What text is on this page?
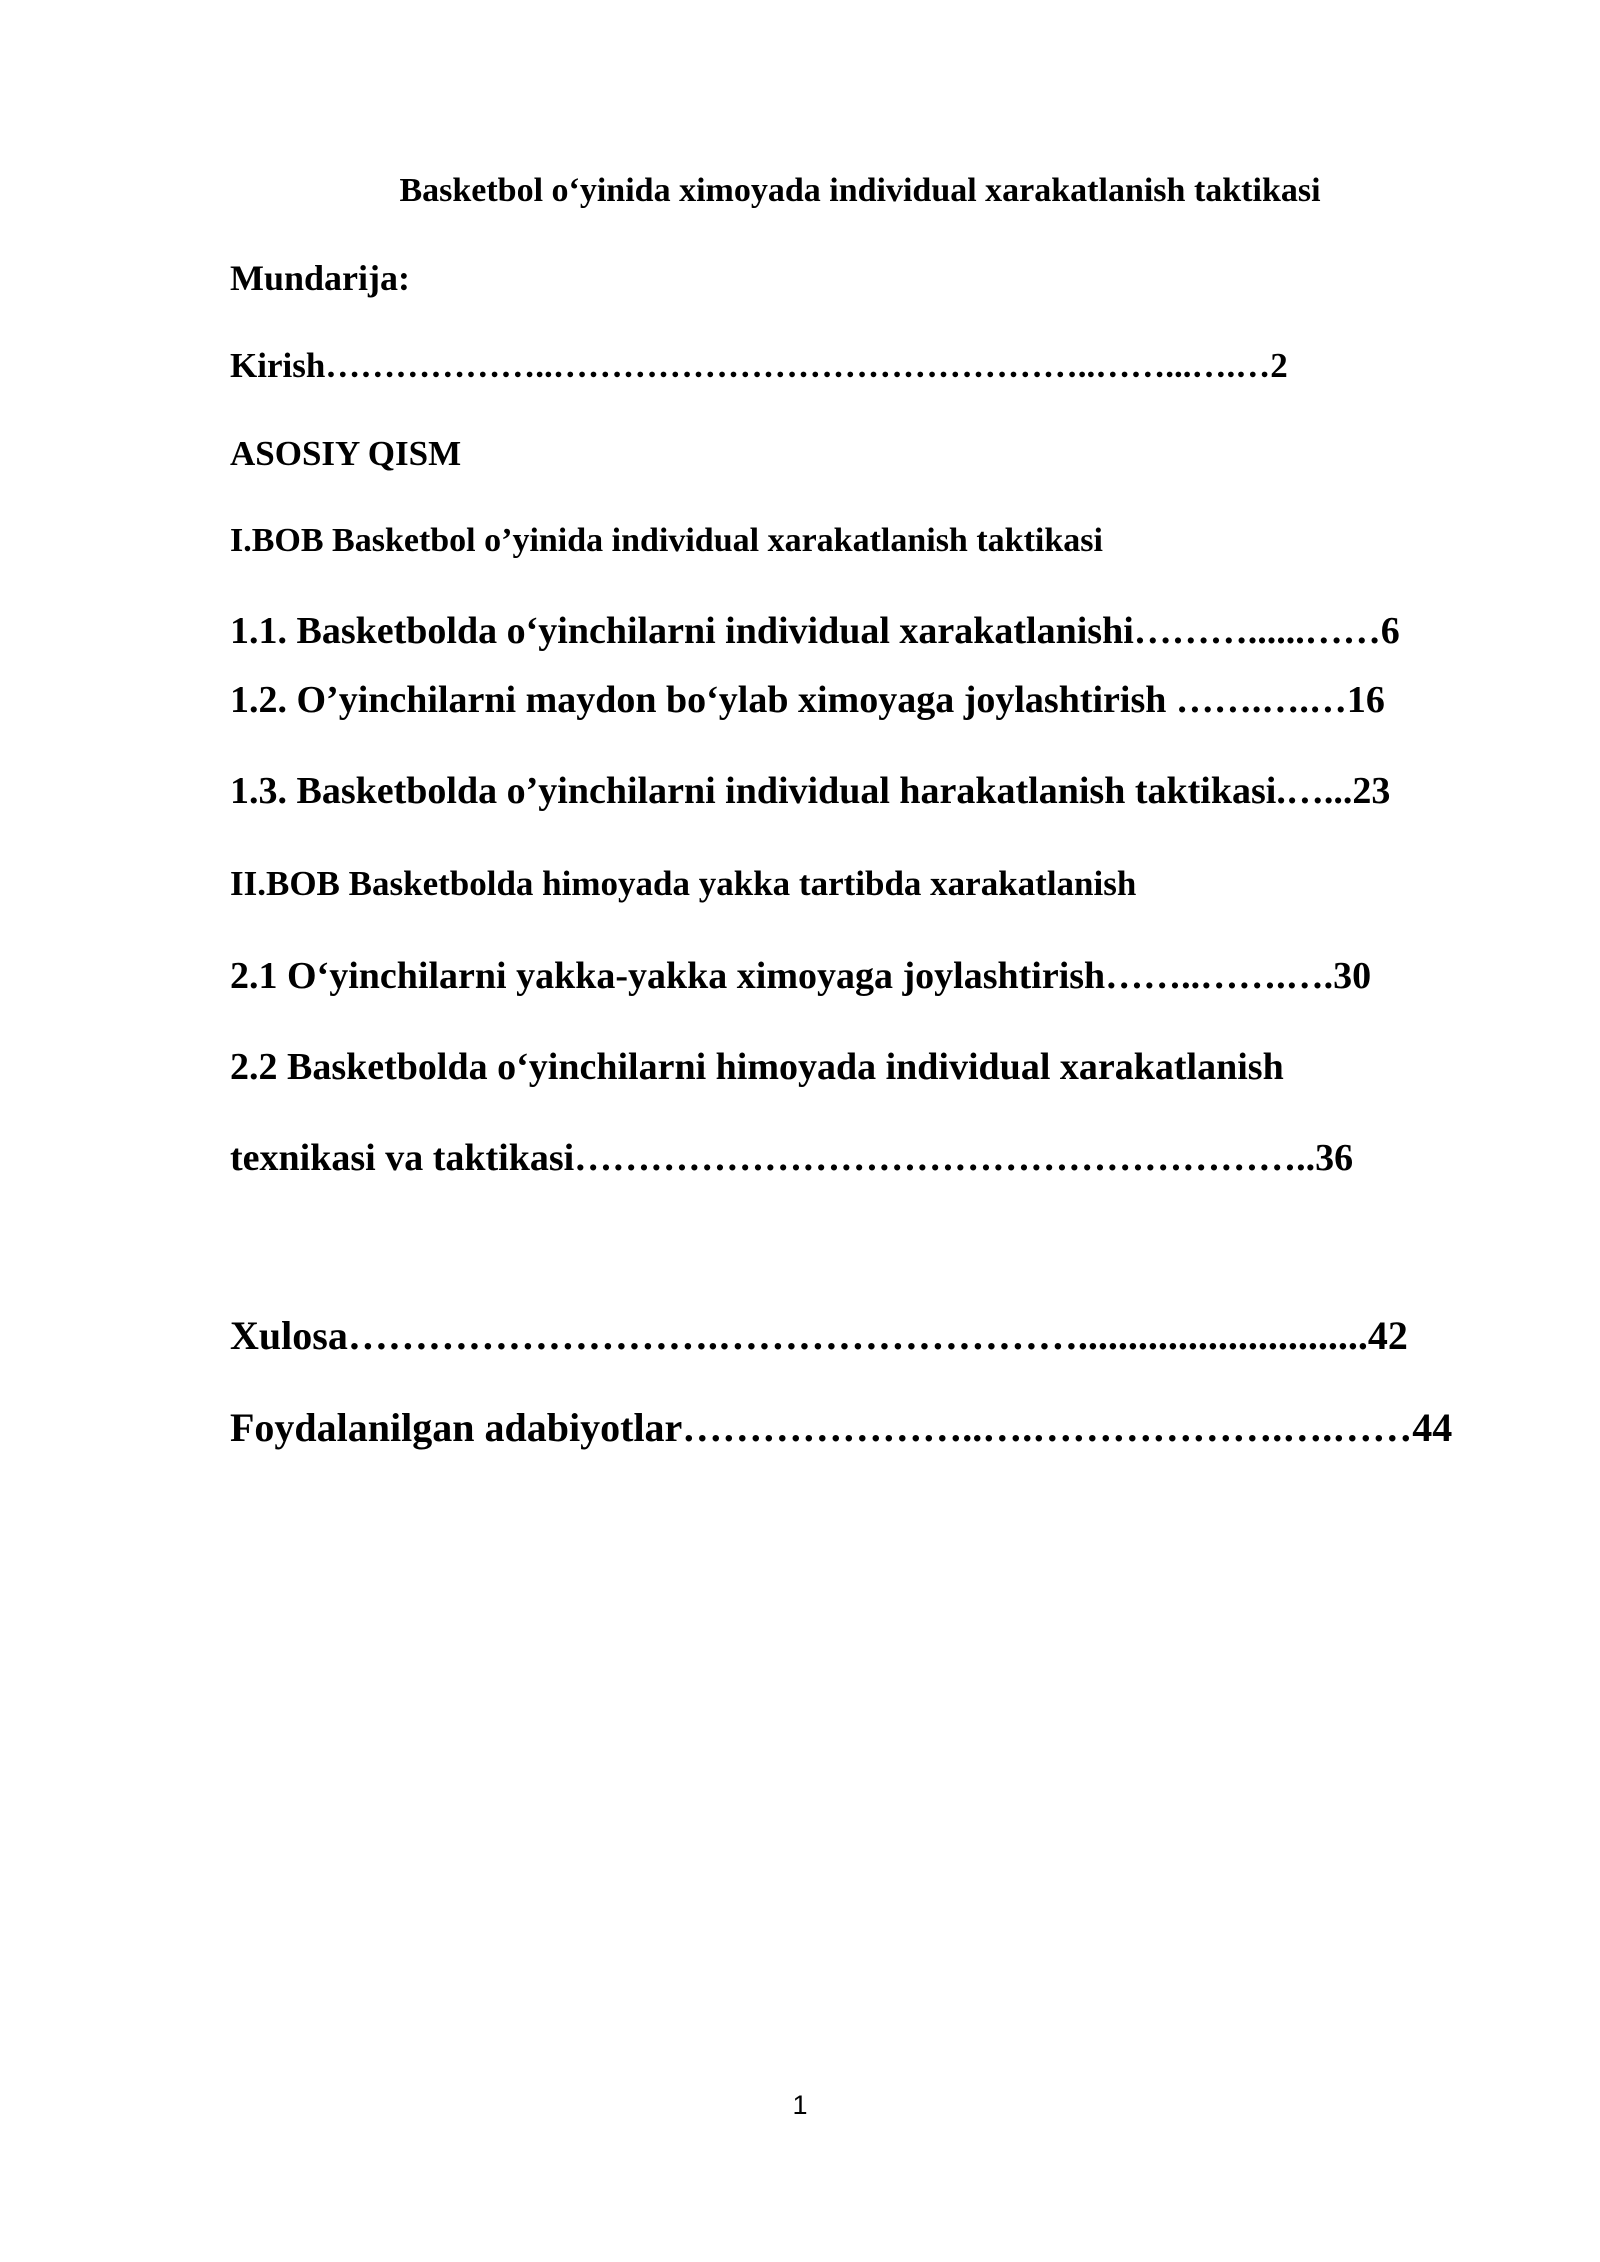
Basketbol o‘yinida ximoyada individual xarakatlanish taktikasi
Mundarija:
Kirish………………..………………………………………..……...….…2
ASOSIY QISM
I.BOB Basketbol o’yinida individual xarakatlanish taktikasi
1.1. Basketbolda o‘yinchilarni individual xarakatlanishi………......……6
1.2. O’yinchilarni maydon bo‘ylab ximoyaga joylashtirish …….….…16
1.3. Basketbolda o’yinchilarni individual harakatlanish taktikasi.…...23
II.BOB Basketbolda himoyada yakka tartibda xarakatlanish
2.1 O‘yinchilarni yakka-yakka ximoyaga joylashtirish……..…….….30
2.2 Basketbolda o‘yinchilarni himoyada individual xarakatlanish
texnikasi va taktikasi…………………………………………………..36
Xulosa……………………….……………………….............................42
Foydalanilgan adabiyotlar…………………..….……………….….……44
1
